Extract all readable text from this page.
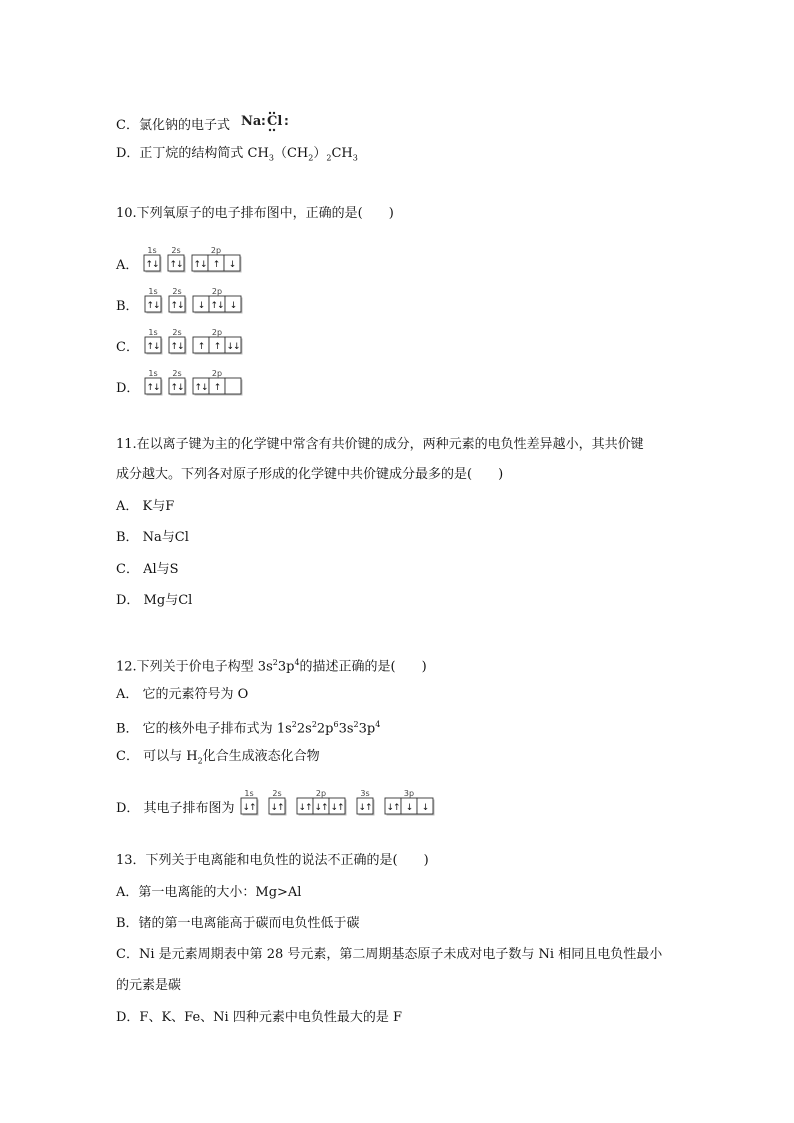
C．氯化钠的电子式 Na : Cl :
D．正丁烷的结构简式 $CH_3(CH_2)_2CH_3$
10.下列氧原子的电子排布图中，正确的是(　　)
A．
1s
↑↓
2s
↑↓
2p
↑↓ ↑ ↓
B．
1s
↑↓
2s
↑↓
2p
↓ ↑↓ ↓
C．
1s
↑↓
2s
↑↓
2p
↑ ↑ ↓↓
D．
1s
↑↓
2s
↑↓
2p
↑↓ ↑
11.在以离子键为主的化学键中常含有共价键的成分，两种元素的电负性差异越小，其共价键
成分越大。下列各对原子形成的化学键中共价键成分最多的是(　　)
A． K与F
B． Na与Cl
C． Al与S
D． Mg与Cl
12.下列关于价电子构型 $3s^23p^4$的描述正确的是(　　)
A． 它的元素符号为 O
B． 它的核外电子排布式为 $1s^22s^22p^63s^23p^4$
C． 可以与 $H_2$化合生成液态化合物
D． 其电子排布图为
1s
↓↑
2s
↓↑
2p
↓↑ ↓↑ ↓↑
3s
↓↑
3p
↓↑ ↓ ↓
13．下列关于电离能和电负性的说法不正确的是(　　)
A．第一电离能的大小：Mg>Al
B．锗的第一电离能高于碳而电负性低于碳
C．Ni 是元素周期表中第 28 号元素，第二周期基态原子未成对电子数与 Ni 相同且电负性最小
的元素是碳
D．F、K、Fe、Ni 四种元素中电负性最大的是 F
